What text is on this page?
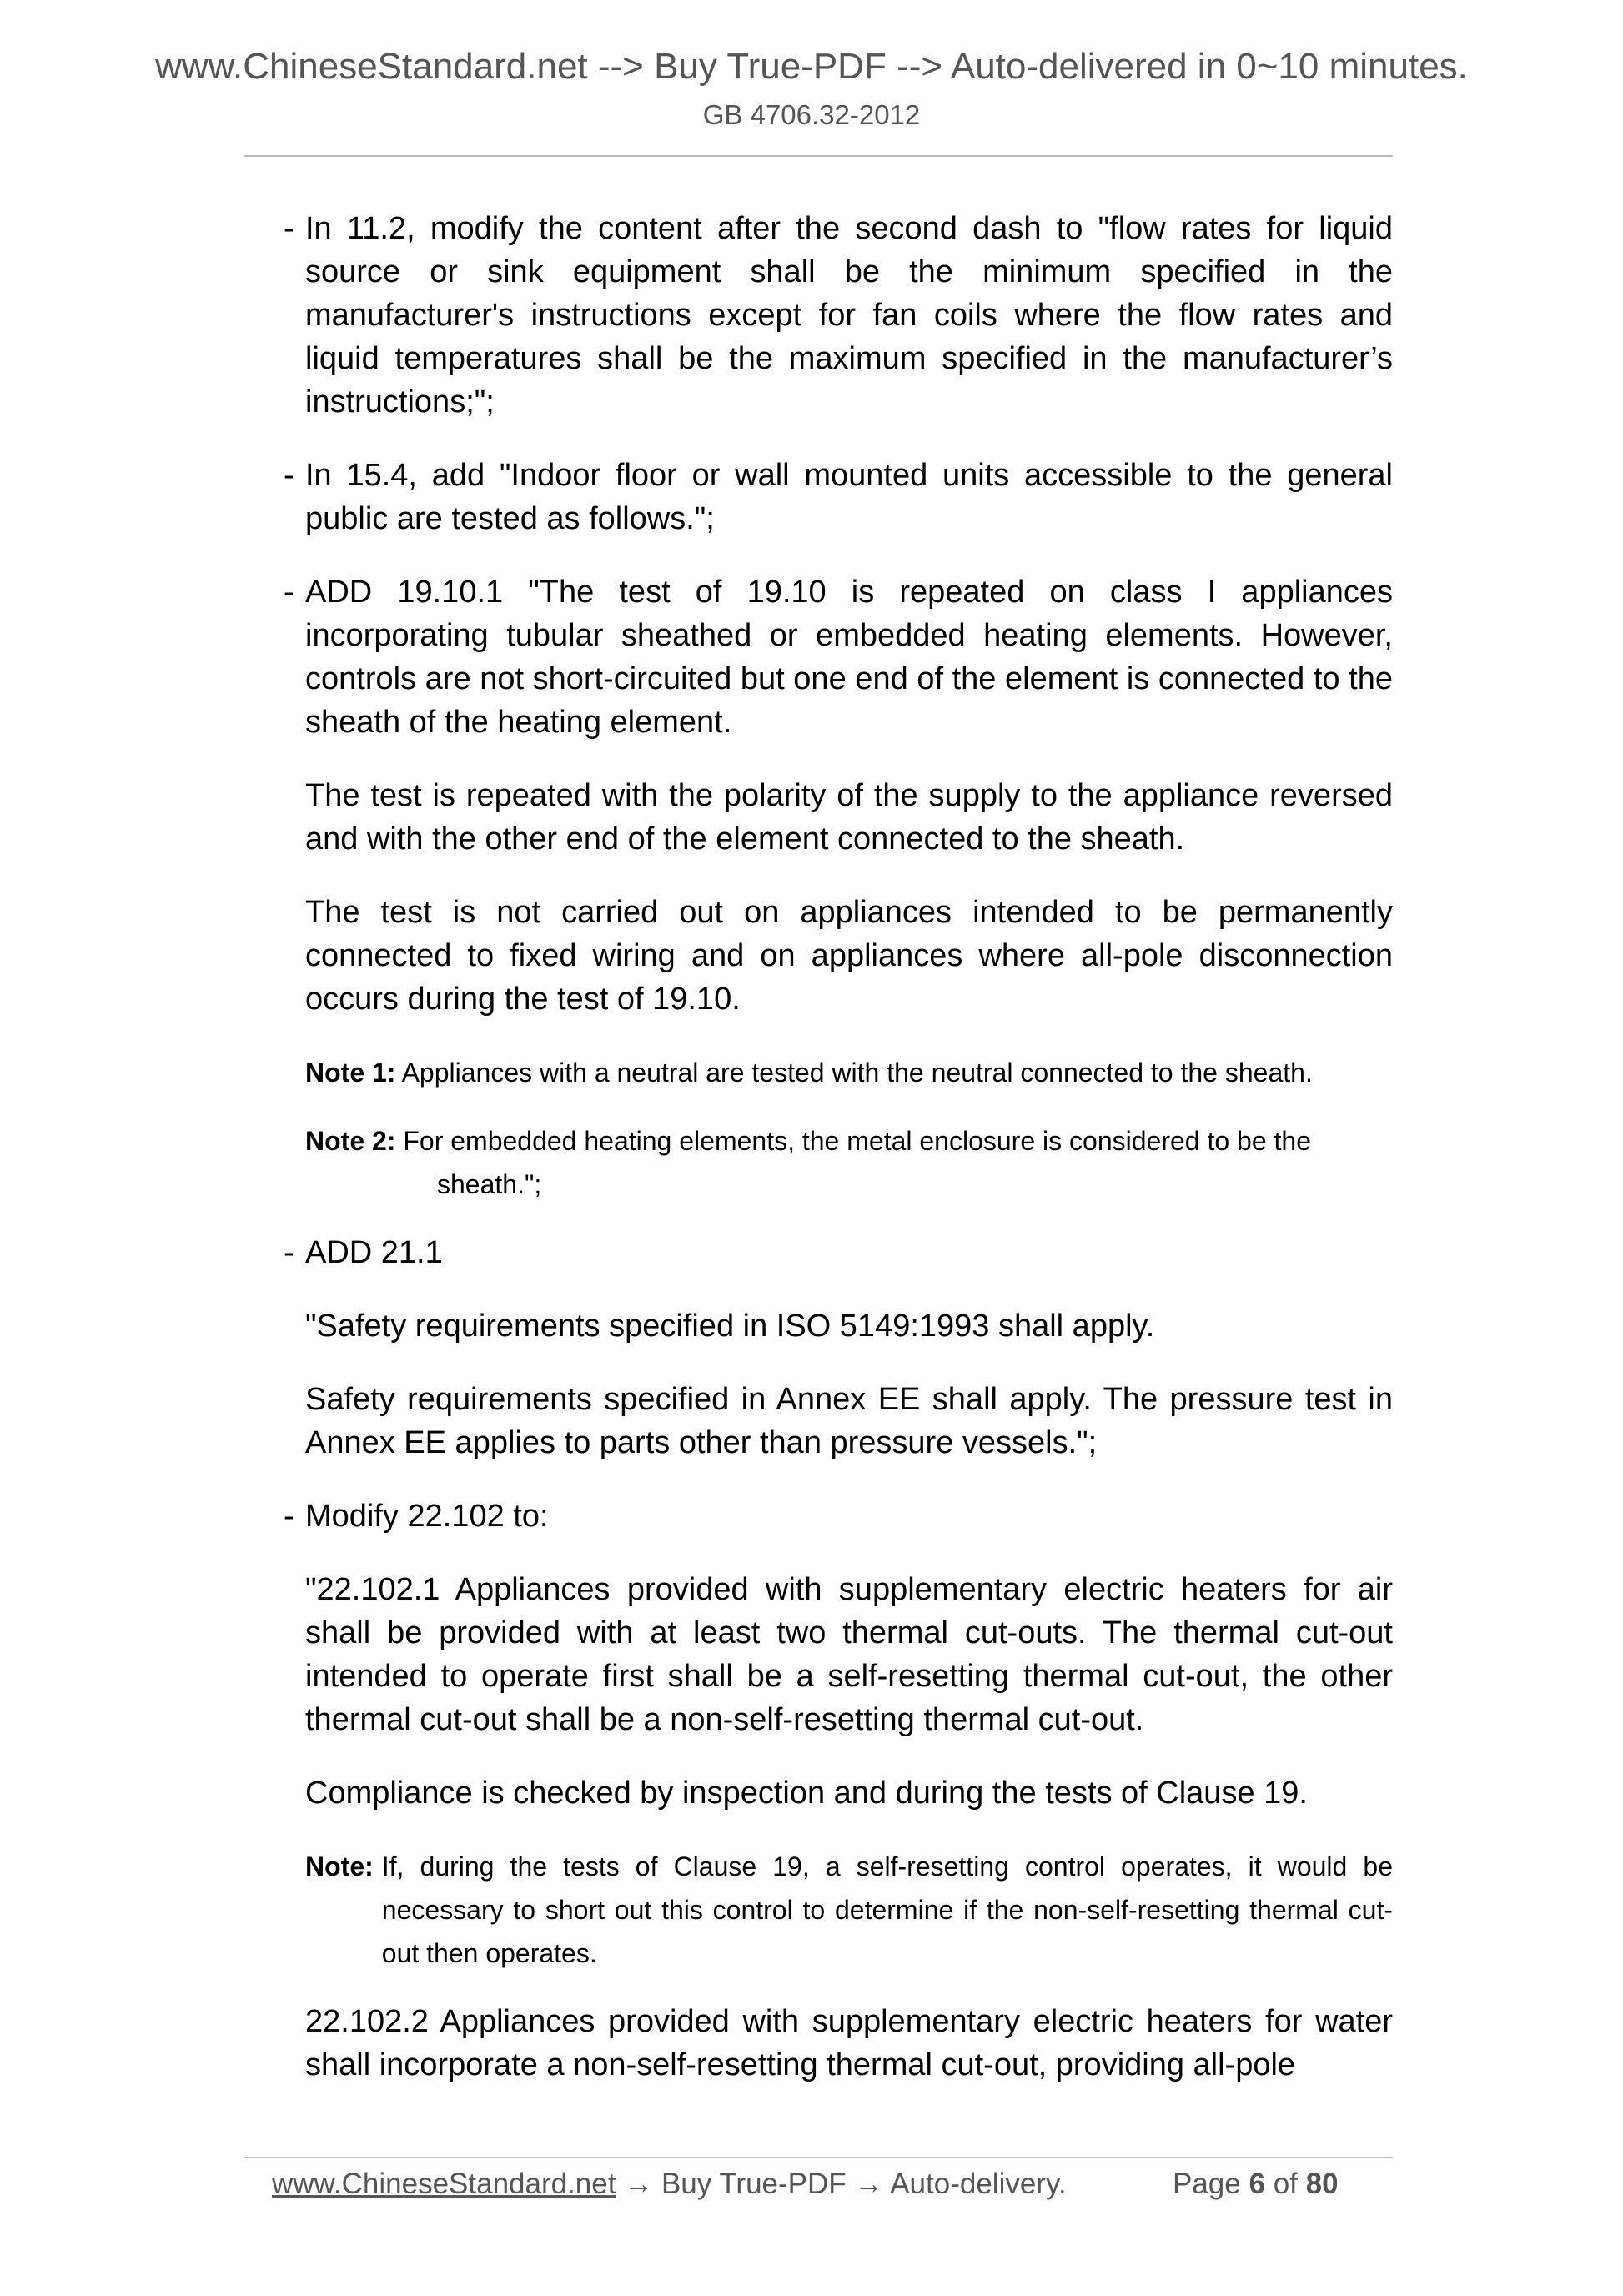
www.ChineseStandard.net --> Buy True-PDF --> Auto-delivered in 0~10 minutes.
GB 4706.32-2012
- In 11.2, modify the content after the second dash to "flow rates for liquid source or sink equipment shall be the minimum specified in the manufacturer's instructions except for fan coils where the flow rates and liquid temperatures shall be the maximum specified in the manufacturer’s instructions;";

- In 15.4, add "Indoor floor or wall mounted units accessible to the general public are tested as follows.";

- ADD 19.10.1 "The test of 19.10 is repeated on class I appliances incorporating tubular sheathed or embedded heating elements. However, controls are not short-circuited but one end of the element is connected to the sheath of the heating element.

The test is repeated with the polarity of the supply to the appliance reversed and with the other end of the element connected to the sheath.

The test is not carried out on appliances intended to be permanently connected to fixed wiring and on appliances where all-pole disconnection occurs during the test of 19.10.

Note 1: Appliances with a neutral are tested with the neutral connected to the sheath.
Note 2: For embedded heating elements, the metal enclosure is considered to be the
sheath.";
- ADD 21.1

"Safety requirements specified in ISO 5149:1993 shall apply.

Safety requirements specified in Annex EE shall apply. The pressure test in Annex EE applies to parts other than pressure vessels.";

- Modify 22.102 to:

"22.102.1 Appliances provided with supplementary electric heaters for air shall be provided with at least two thermal cut-outs. The thermal cut-out intended to operate first shall be a self-resetting thermal cut-out, the other thermal cut-out shall be a non-self-resetting thermal cut-out.

Compliance is checked by inspection and during the tests of Clause 19.

Note: If, during the tests of Clause 19, a self-resetting control operates, it would be necessary to short out this control to determine if the non-self-resetting thermal cut-out then operates.

22.102.2 Appliances provided with supplementary electric heaters for water shall incorporate a non-self-resetting thermal cut-out, providing all-pole

www.ChineseStandard.net → Buy True-PDF → Auto-delivery.	Page 6 of 80
